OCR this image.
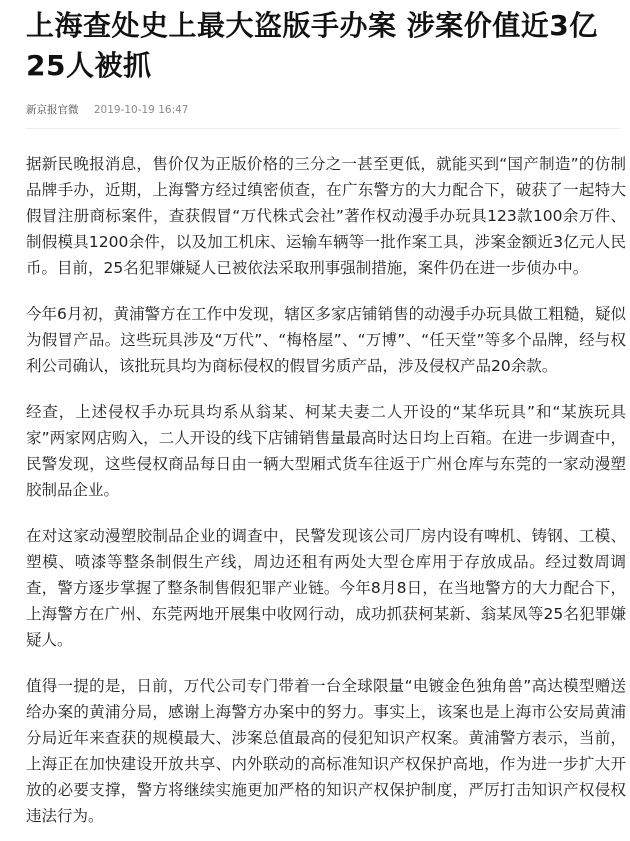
上海查处史上最大盗版手办案 涉案价值近3亿25人被抓
新京报官微 2019-10-19 16:47

据新民晚报消息，售价仅为正版价格的三分之一甚至更低，就能买到“国产制造”的仿制品牌手办，近期，上海警方经过缜密侦查，在广东警方的大力配合下，破获了一起特大假冒注册商标案件，查获假冒“万代株式会社”著作权动漫手办玩具123款100余万件、制假模具1200余件，以及加工机床、运输车辆等一批作案工具，涉案金额近3亿元人民币。目前，25名犯罪嫌疑人已被依法采取刑事强制措施，案件仍在进一步侦办中。

今年6月初，黄浦警方在工作中发现，辖区多家店铺销售的动漫手办玩具做工粗糙，疑似为假冒产品。这些玩具涉及“万代”、“梅格屋”、“万博”、“任天堂”等多个品牌，经与权利公司确认，该批玩具均为商标侵权的假冒劣质产品，涉及侵权产品20余款。

经查，上述侵权手办玩具均系从翁某、柯某夫妻二人开设的“某华玩具”和“某族玩具家”两家网店购入，二人开设的线下店铺销售量最高时达日均上百箱。在进一步调查中，民警发现，这些侵权商品每日由一辆大型厢式货车往返于广州仓库与东莞的一家动漫塑胶制品企业。

在对这家动漫塑胶制品企业的调查中，民警发现该公司厂房内设有啤机、铸钢、工模、塑模、喷漆等整条制假生产线，周边还租有两处大型仓库用于存放成品。经过数周调查，警方逐步掌握了整条制售假犯罪产业链。今年8月8日，在当地警方的大力配合下，上海警方在广州、东莞两地开展集中收网行动，成功抓获柯某新、翁某凤等25名犯罪嫌疑人。

值得一提的是，日前，万代公司专门带着一台全球限量“电镀金色独角兽”高达模型赠送给办案的黄浦分局，感谢上海警方办案中的努力。事实上，该案也是上海市公安局黄浦分局近年来查获的规模最大、涉案总值最高的侵犯知识产权案。黄浦警方表示，当前，上海正在加快建设开放共享、内外联动的高标准知识产权保护高地，作为进一步扩大开放的必要支撑，警方将继续实施更加严格的知识产权保护制度，严厉打击知识产权侵权违法行为。
